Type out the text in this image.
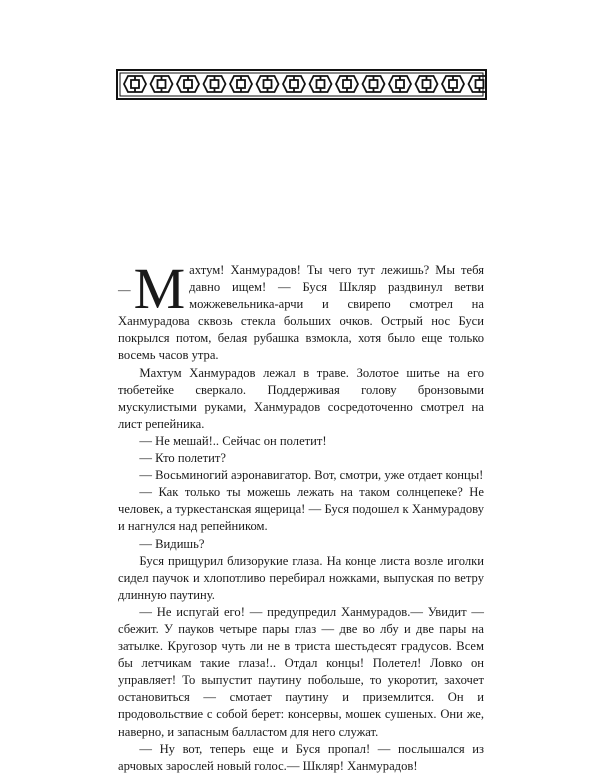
— М ахтум! Ханмурадов! Ты чего тут лежишь? Мы тебя давно ищем! — Буся Шкляр раздвинул ветви можжевельника-арчи и свирепо смотрел на Ханмурадова сквозь стекла больших очков. Острый нос Буси покрылся потом, белая рубашка взмокла, хотя было еще только восемь часов утра.

Махтум Ханмурадов лежал в траве. Золотое шитье на его тюбетейке сверкало. Поддерживая голову бронзовыми мускулистыми руками, Ханмурадов сосредоточенно смотрел на лист репейника.

— Не мешай!.. Сейчас он полетит!

— Кто полетит?

— Восьминогий аэронавигатор. Вот, смотри, уже отдает концы!

— Как только ты можешь лежать на таком солнцепеке? Не человек, а туркестанская ящерица! — Буся подошел к Ханмурадову и нагнулся над репейником.

— Видишь?

Буся прищурил близорукие глаза. На конце листа возле иголки сидел паучок и хлопотливо перебирал ножками, выпуская по ветру длинную паутину.

— Не испугай его! — предупредил Ханмурадов.— Увидит — сбежит. У пауков четыре пары глаз — две во лбу и две пары на затылке. Кругозор чуть ли не в триста шестьдесят градусов. Всем бы летчикам такие глаза!.. Отдал концы! Полетел! Ловко он управляет! То выпустит паутину побольше, то укоротит, захочет остановиться — смотает паутину и приземлится. Он и продовольствие с собой берет: консервы, мошек сушеных. Они же, наверно, и запасным балластом для него служат.

— Ну вот, теперь еще и Буся пропал! — послышался из арчовых зарослей новый голос.— Шкляр! Ханмурадов!
